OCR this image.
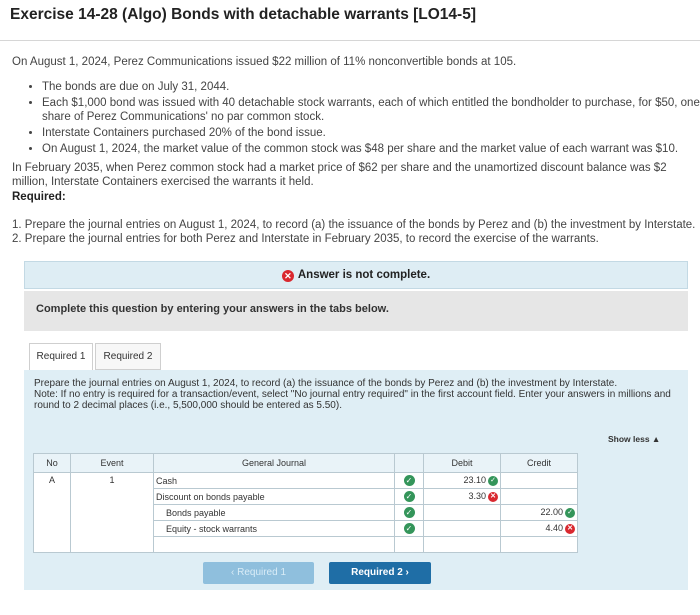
Exercise 14-28 (Algo) Bonds with detachable warrants [LO14-5]
On August 1, 2024, Perez Communications issued $22 million of 11% nonconvertible bonds at 105.
• The bonds are due on July 31, 2044.
• Each $1,000 bond was issued with 40 detachable stock warrants, each of which entitled the bondholder to purchase, for $50, one share of Perez Communications' no par common stock.
• Interstate Containers purchased 20% of the bond issue.
• On August 1, 2024, the market value of the common stock was $48 per share and the market value of each warrant was $10.
In February 2035, when Perez common stock had a market price of $62 per share and the unamortized discount balance was $2 million, Interstate Containers exercised the warrants it held.
Required:
1. Prepare the journal entries on August 1, 2024, to record (a) the issuance of the bonds by Perez and (b) the investment by Interstate.
2. Prepare the journal entries for both Perez and Interstate in February 2035, to record the exercise of the warrants.
✕ Answer is not complete.
Complete this question by entering your answers in the tabs below.
Required 1	Required 2
Prepare the journal entries on August 1, 2024, to record (a) the issuance of the bonds by Perez and (b) the investment by Interstate.
Note: If no entry is required for a transaction/event, select "No journal entry required" in the first account field. Enter your answers in millions and round to 2 decimal places (i.e., 5,500,000 should be entered as 5.50).
Show less ▲
No	Event	General Journal		Debit	Credit
A	1	Cash	✓	23.10 ✓	
		Discount on bonds payable	✓	3.30 ✕	
		Bonds payable	✓		22.00 ✓
		Equity - stock warrants	✓		4.40 ✕

‹ Required 1	Required 2 ›
